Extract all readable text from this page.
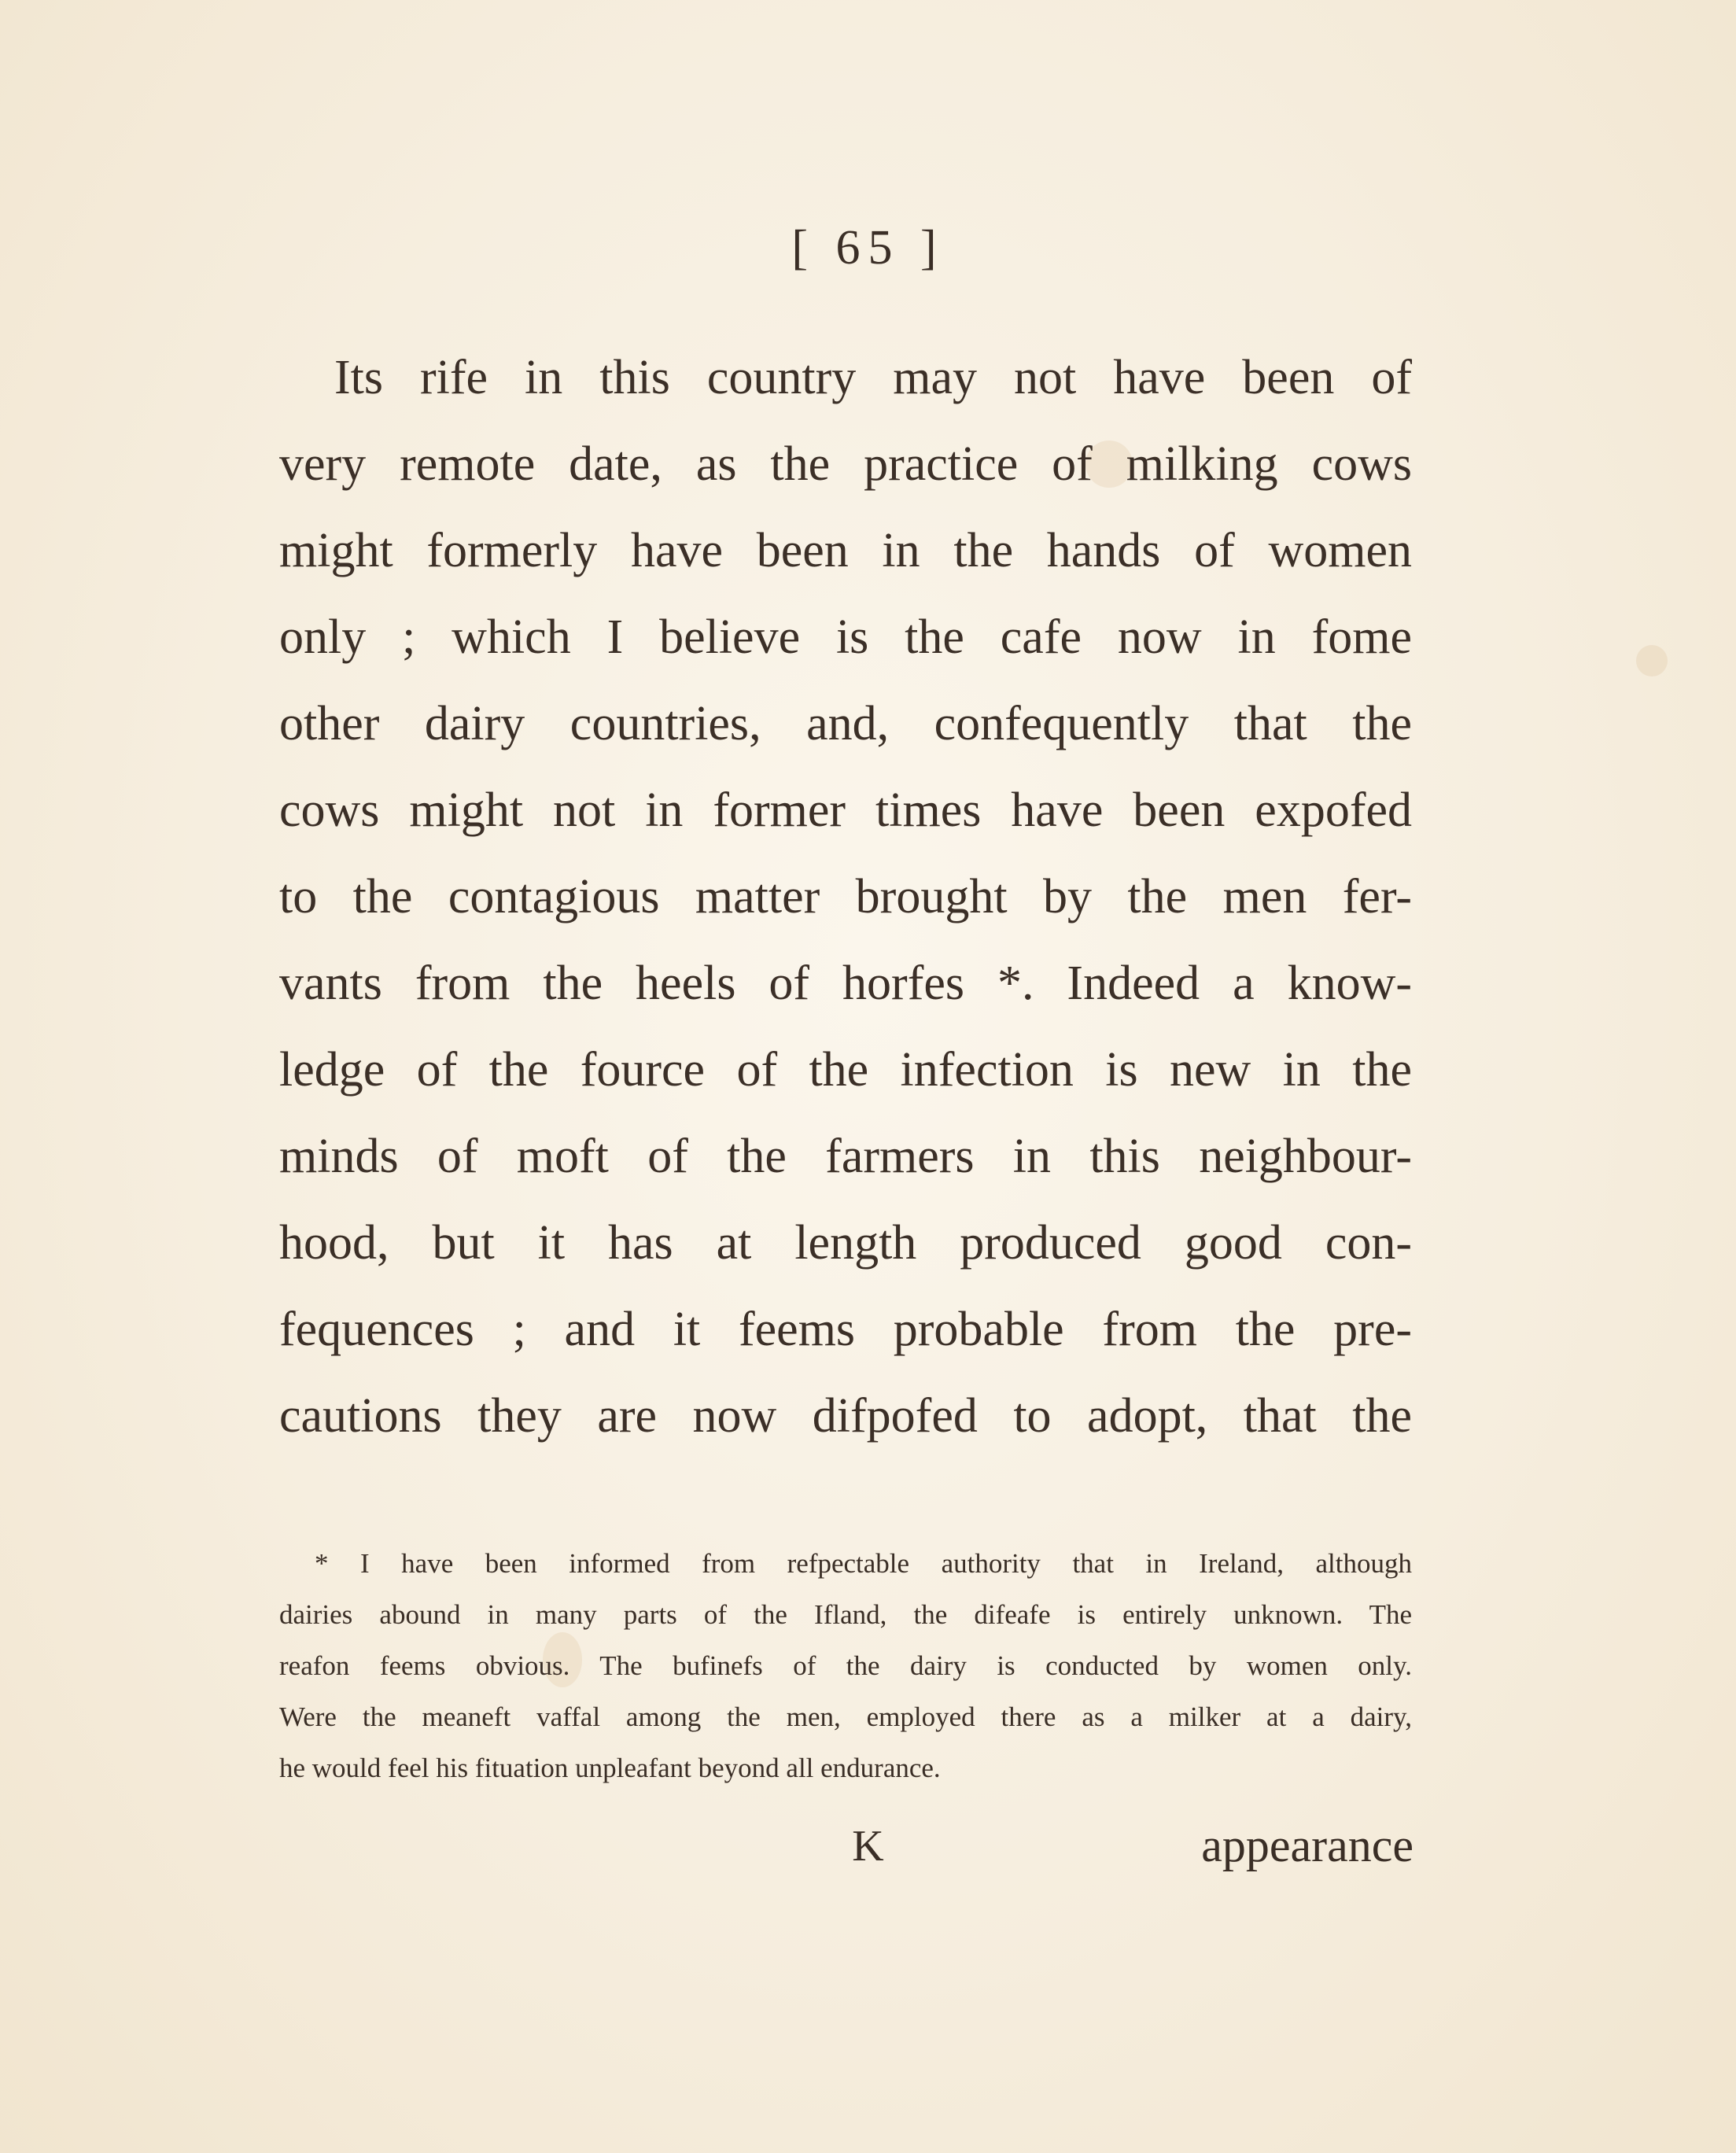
[ 65 ]
Its rife in this country may not have been of
very remote date, as the practice of milking cows
might formerly have been in the hands of women
only ; which I believe is the cafe now in fome
other dairy countries, and, confequently that the
cows might not in former times have been expofed
to the contagious matter brought by the men fer-
vants from the heels of horfes *. Indeed a know-
ledge of the fource of the infection is new in the
minds of moft of the farmers in this neighbour-
hood, but it has at length produced good con-
fequences ; and it feems probable from the pre-
cautions they are now difpofed to adopt, that the
* I have been informed from refpectable authority that in Ireland, although
dairies abound in many parts of the Ifland, the difeafe is entirely unknown. The
reafon feems obvious. The bufinefs of the dairy is conducted by women only.
Were the meaneft vaffal among the men, employed there as a milker at a dairy,
he would feel his fituation unpleafant beyond all endurance.
K	appearance
